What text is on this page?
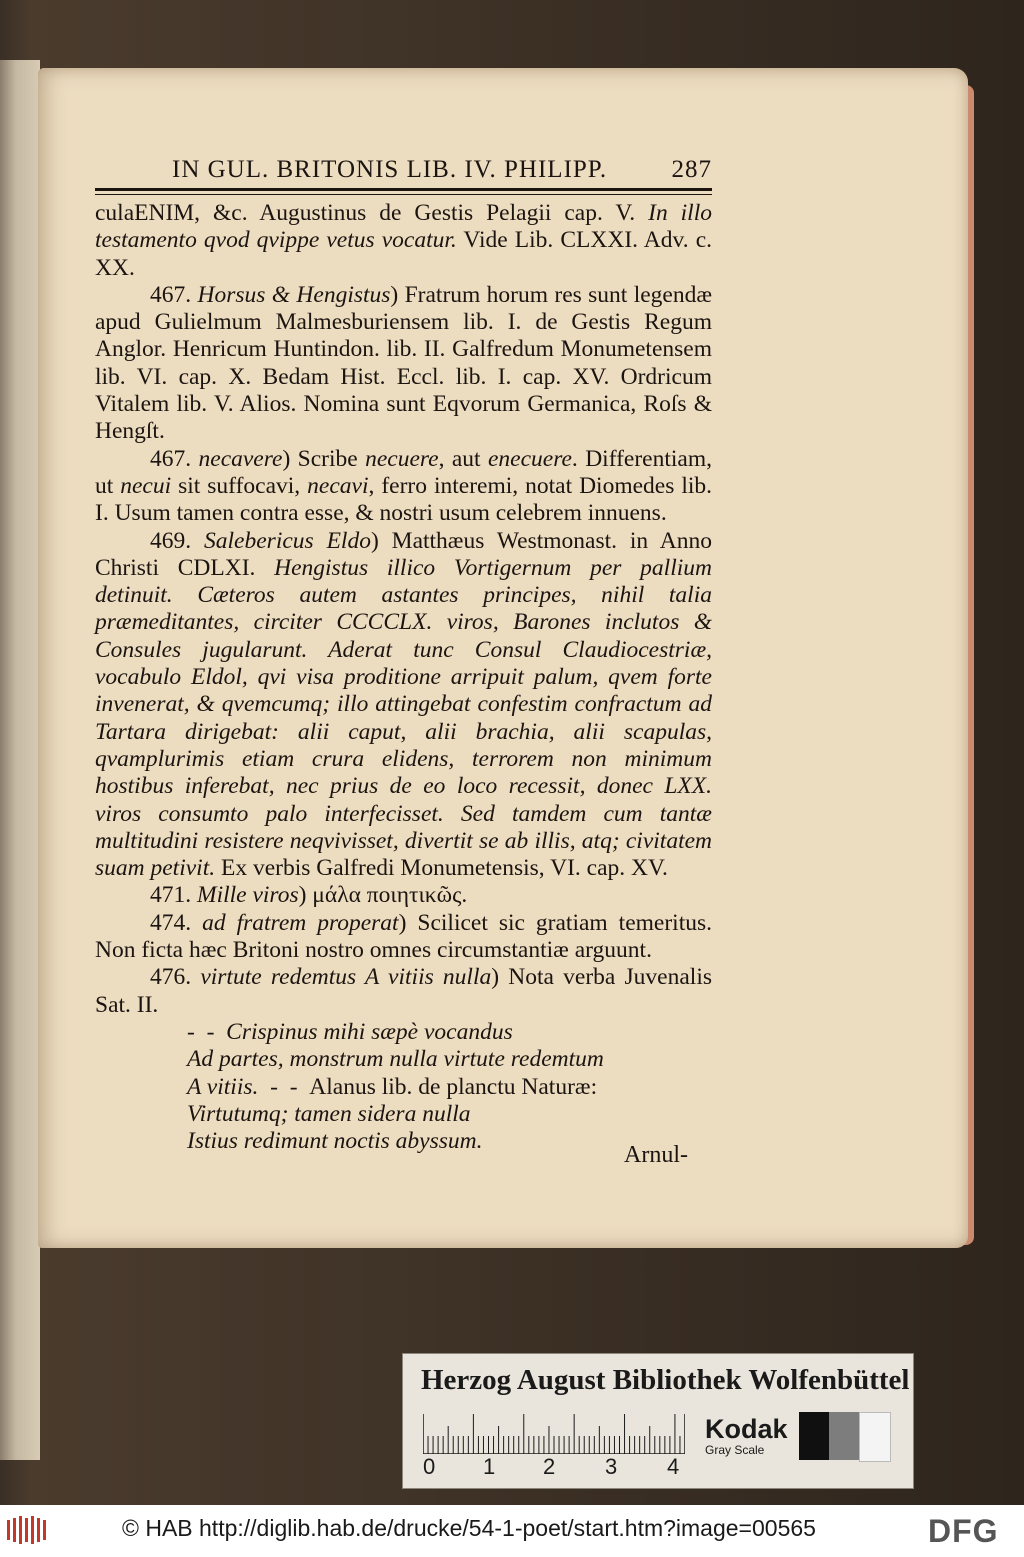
IN GUL. BRITONIS LIB. IV. PHILIPP.	287

culaENIM, &c. Augustinus de Gestis Pelagii cap. V. In illo testamento qvod qvippe vetus vocatur. Vide Lib. CLXXI. Adv. c. XX.

467. Horsus & Hengistus) Fratrum horum res sunt legendæ apud Gulielmum Malmesburiensem lib. I. de Gestis Regum Anglor. Henricum Huntindon. lib. II. Galfredum Monumetensem lib. VI. cap. X. Bedam Hist. Eccl. lib. I. cap. XV. Ordricum Vitalem lib. V. Alios. Nomina sunt Eqvorum Germanica, Roſs & Hengſt.

467. necavere) Scribe necuere, aut enecuere. Differentiam, ut necui sit suffocavi, necavi, ferro interemi, notat Diomedes lib. I. Usum tamen contra esse, & nostri usum celebrem innuens.

469. Salebericus Eldo) Matthæus Westmonast. in Anno Christi CDLXI. Hengistus illico Vortigernum per pallium detinuit. Cæteros autem astantes principes, nihil talia præmeditantes, circiter CCCCLX. viros, Barones inclutos & Consules jugularunt. Aderat tunc Consul Claudiocestriæ, vocabulo Eldol, qvi visa proditione arripuit palum, qvem forte invenerat, & qvemcumq; illo attingebat confestim confractum ad Tartara dirigebat: alii caput, alii brachia, alii scapulas, qvamplurimis etiam crura elidens, terrorem non minimum hostibus inferebat, nec prius de eo loco recessit, donec LXX. viros consumto palo interfecisset. Sed tamdem cum tantæ multitudini resistere neqvivisset, divertit se ab illis, atq; civitatem suam petivit. Ex verbis Galfredi Monumetensis, VI. cap. XV.

471. Mille viros) μάλα ποιητικῶς.

474. ad fratrem properat) Scilicet sic gratiam temeritus. Non ficta hæc Britoni nostro omnes circumstantiæ arguunt.

476. virtute redemtus A vitiis nulla) Nota verba Juvenalis Sat. II.

-  -  Crispinus mihi sæpè vocandus

Ad partes, monstrum nulla virtute redemtum

A vitiis.  -  -  Alanus lib. de planctu Naturæ:

Virtutumq; tamen sidera nulla

Istius redimunt noctis abyssum.

Arnul-
Herzog August Bibliothek Wolfenbüttel
0 1 2 3 4
Kodak
Gray Scale
© HAB http://diglib.hab.de/drucke/54-1-poet/start.htm?image=00565	DFG
